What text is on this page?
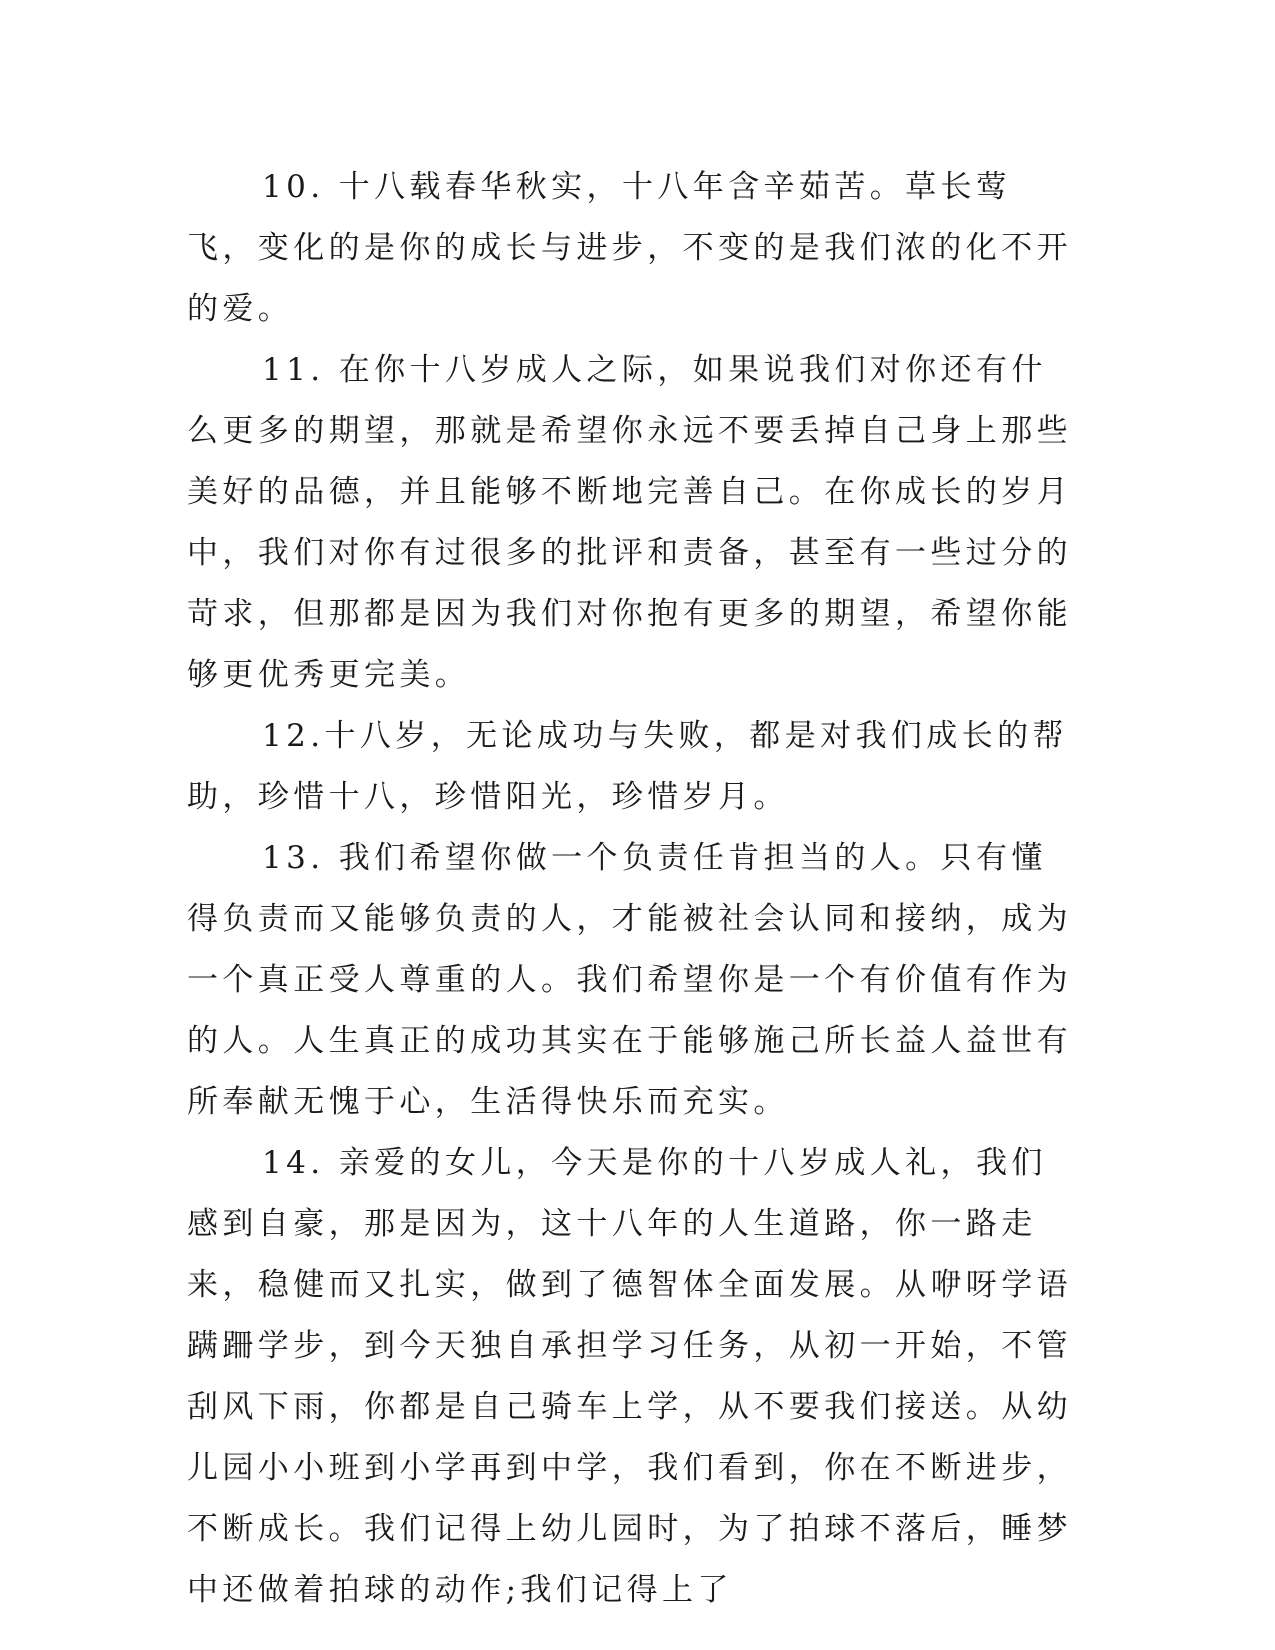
10. 十八载春华秋实，十八年含辛茹苦。草长莺飞，变化的是你的成长与进步，不变的是我们浓的化不开的爱。

11. 在你十八岁成人之际，如果说我们对你还有什么更多的期望，那就是希望你永远不要丢掉自己身上那些美好的品德，并且能够不断地完善自己。在你成长的岁月中，我们对你有过很多的批评和责备，甚至有一些过分的苛求，但那都是因为我们对你抱有更多的期望，希望你能够更优秀更完美。

12.十八岁，无论成功与失败，都是对我们成长的帮助，珍惜十八，珍惜阳光，珍惜岁月。

13. 我们希望你做一个负责任肯担当的人。只有懂得负责而又能够负责的人，才能被社会认同和接纳，成为一个真正受人尊重的人。我们希望你是一个有价值有作为的人。人生真正的成功其实在于能够施己所长益人益世有所奉献无愧于心，生活得快乐而充实。

14. 亲爱的女儿，今天是你的十八岁成人礼，我们感到自豪，那是因为，这十八年的人生道路，你一路走来，稳健而又扎实，做到了德智体全面发展。从咿呀学语蹒跚学步，到今天独自承担学习任务，从初一开始，不管刮风下雨，你都是自己骑车上学，从不要我们接送。从幼儿园小小班到小学再到中学，我们看到，你在不断进步，不断成长。我们记得上幼儿园时，为了拍球不落后，睡梦中还做着拍球的动作;我们记得上了
